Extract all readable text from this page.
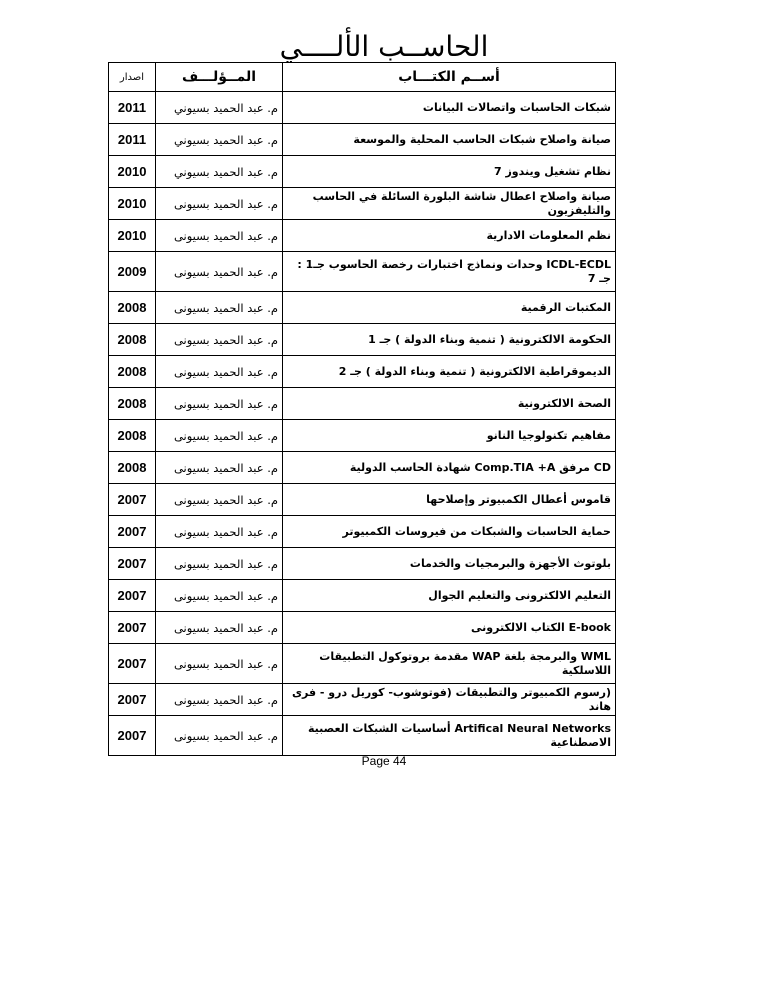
الحاســب الألــــي
أســم الكتـــاب	المــؤلـــف	اصدار
شبكات الحاسبات واتصالات البيانات	م. عبد الحميد بسيوني	2011
صيانة واصلاح شبكات الحاسب المحلية والموسعة	م. عبد الحميد بسيوني	2011
نظام تشغيل ويندوز 7	م. عبد الحميد بسيوني	2010
صيانة واصلاح اعطال شاشة البلورة السائلة في الحاسب والتليفزيون	م. عبد الحميد بسيونى	2010
نظم المعلومات الادارية	م. عبد الحميد بسيونى	2010
ICDL-ECDL وحدات ونماذج اختبارات رخصة الحاسوب جـ1 : جـ 7	م. عبد الحميد بسيونى	2009
المكتبات الرقمية	م. عبد الحميد بسيونى	2008
الحكومة الالكترونية ( تنمية وبناء الدولة ) جـ 1	م. عبد الحميد بسيونى	2008
الديموقراطية الالكترونية ( تنمية وبناء الدولة ) جـ 2	م. عبد الحميد بسيونى	2008
الصحة الالكترونية	م. عبد الحميد بسيونى	2008
مفاهيم تكنولوجيا النانو	م. عبد الحميد بسيونى	2008
CD مرفق Comp.TIA +A شهادة الحاسب الدولية	م. عبد الحميد بسيونى	2008
قاموس أعطال الكمبيوتر وإصلاحها	م. عبد الحميد بسيونى	2007
حماية الحاسبات والشبكات من فيروسات الكمبيوتر	م. عبد الحميد بسيونى	2007
بلوتوث الأجهزة والبرمجيات والخدمات	م. عبد الحميد بسيونى	2007
التعليم الالكترونى والتعليم الجوال	م. عبد الحميد بسيونى	2007
E-book الكتاب الالكترونى	م. عبد الحميد بسيونى	2007
WML والبرمجة بلغة WAP مقدمة بروتوكول التطبيقات اللاسلكية	م. عبد الحميد بسيونى	2007
(رسوم الكمبيوتر والتطبيقات (فوتوشوب- كوريل درو - فرى هاند	م. عبد الحميد بسيونى	2007
Artifical Neural Networks أساسيات الشبكات العصبية الاصطناعية	م. عبد الحميد بسيونى	2007
Page 44
